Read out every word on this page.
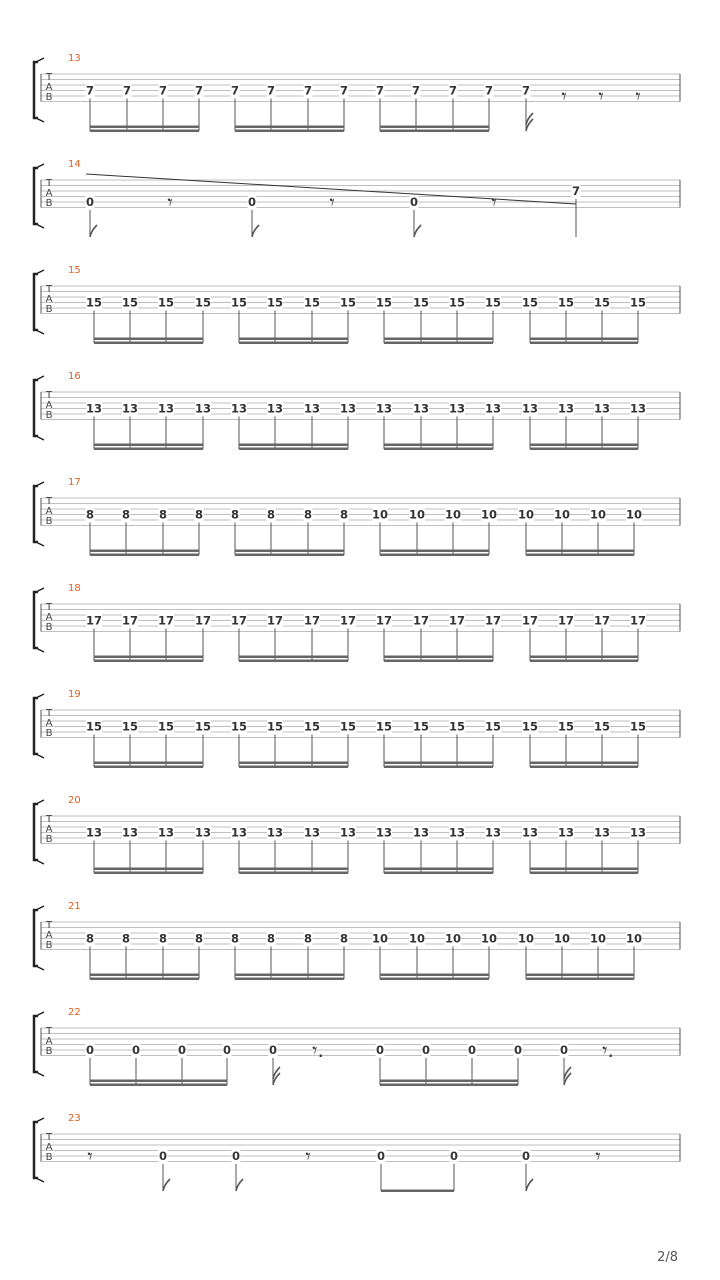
T
A
B
13
7	7 7 7 7 7	7 7 7 7	7 7	7 𝄾 𝄾 𝄾
T
A
B
14
0	𝄾	0	𝄾	0	𝄾	7
T
A
B
15
15 15 15 15 15 15 15 15 15 15 15 15 15 15 15 15
T
A
B
16
13 13 13 13 13 13 13 13 13 13 13 13 13 13 13 13
T
A
B
17
8 8	8 8 8 8	8 8 10 10 10 10 10 10 10 10
T
A
B
18
17 17 17 17 17 17 17 17 17 17 17 17 17 17 17 17
T
A
B
19
15 15 15 15 15 15 15 15 15 15 15 15 15 15 15 15
T
A
B
20
13 13 13 13 13 13 13 13 13 13 13 13 13 13 13 13
T
A
B
21
8 8	8 8 8 8	8 8 10 10 10 10 10 10 10 10
T
A
B
22
0	0	0	0	0 𝄾.	0	0	0	0	0 𝄾.
T
A
B
23
𝄾	0	0	𝄾	0	0	0	𝄾
2/8
